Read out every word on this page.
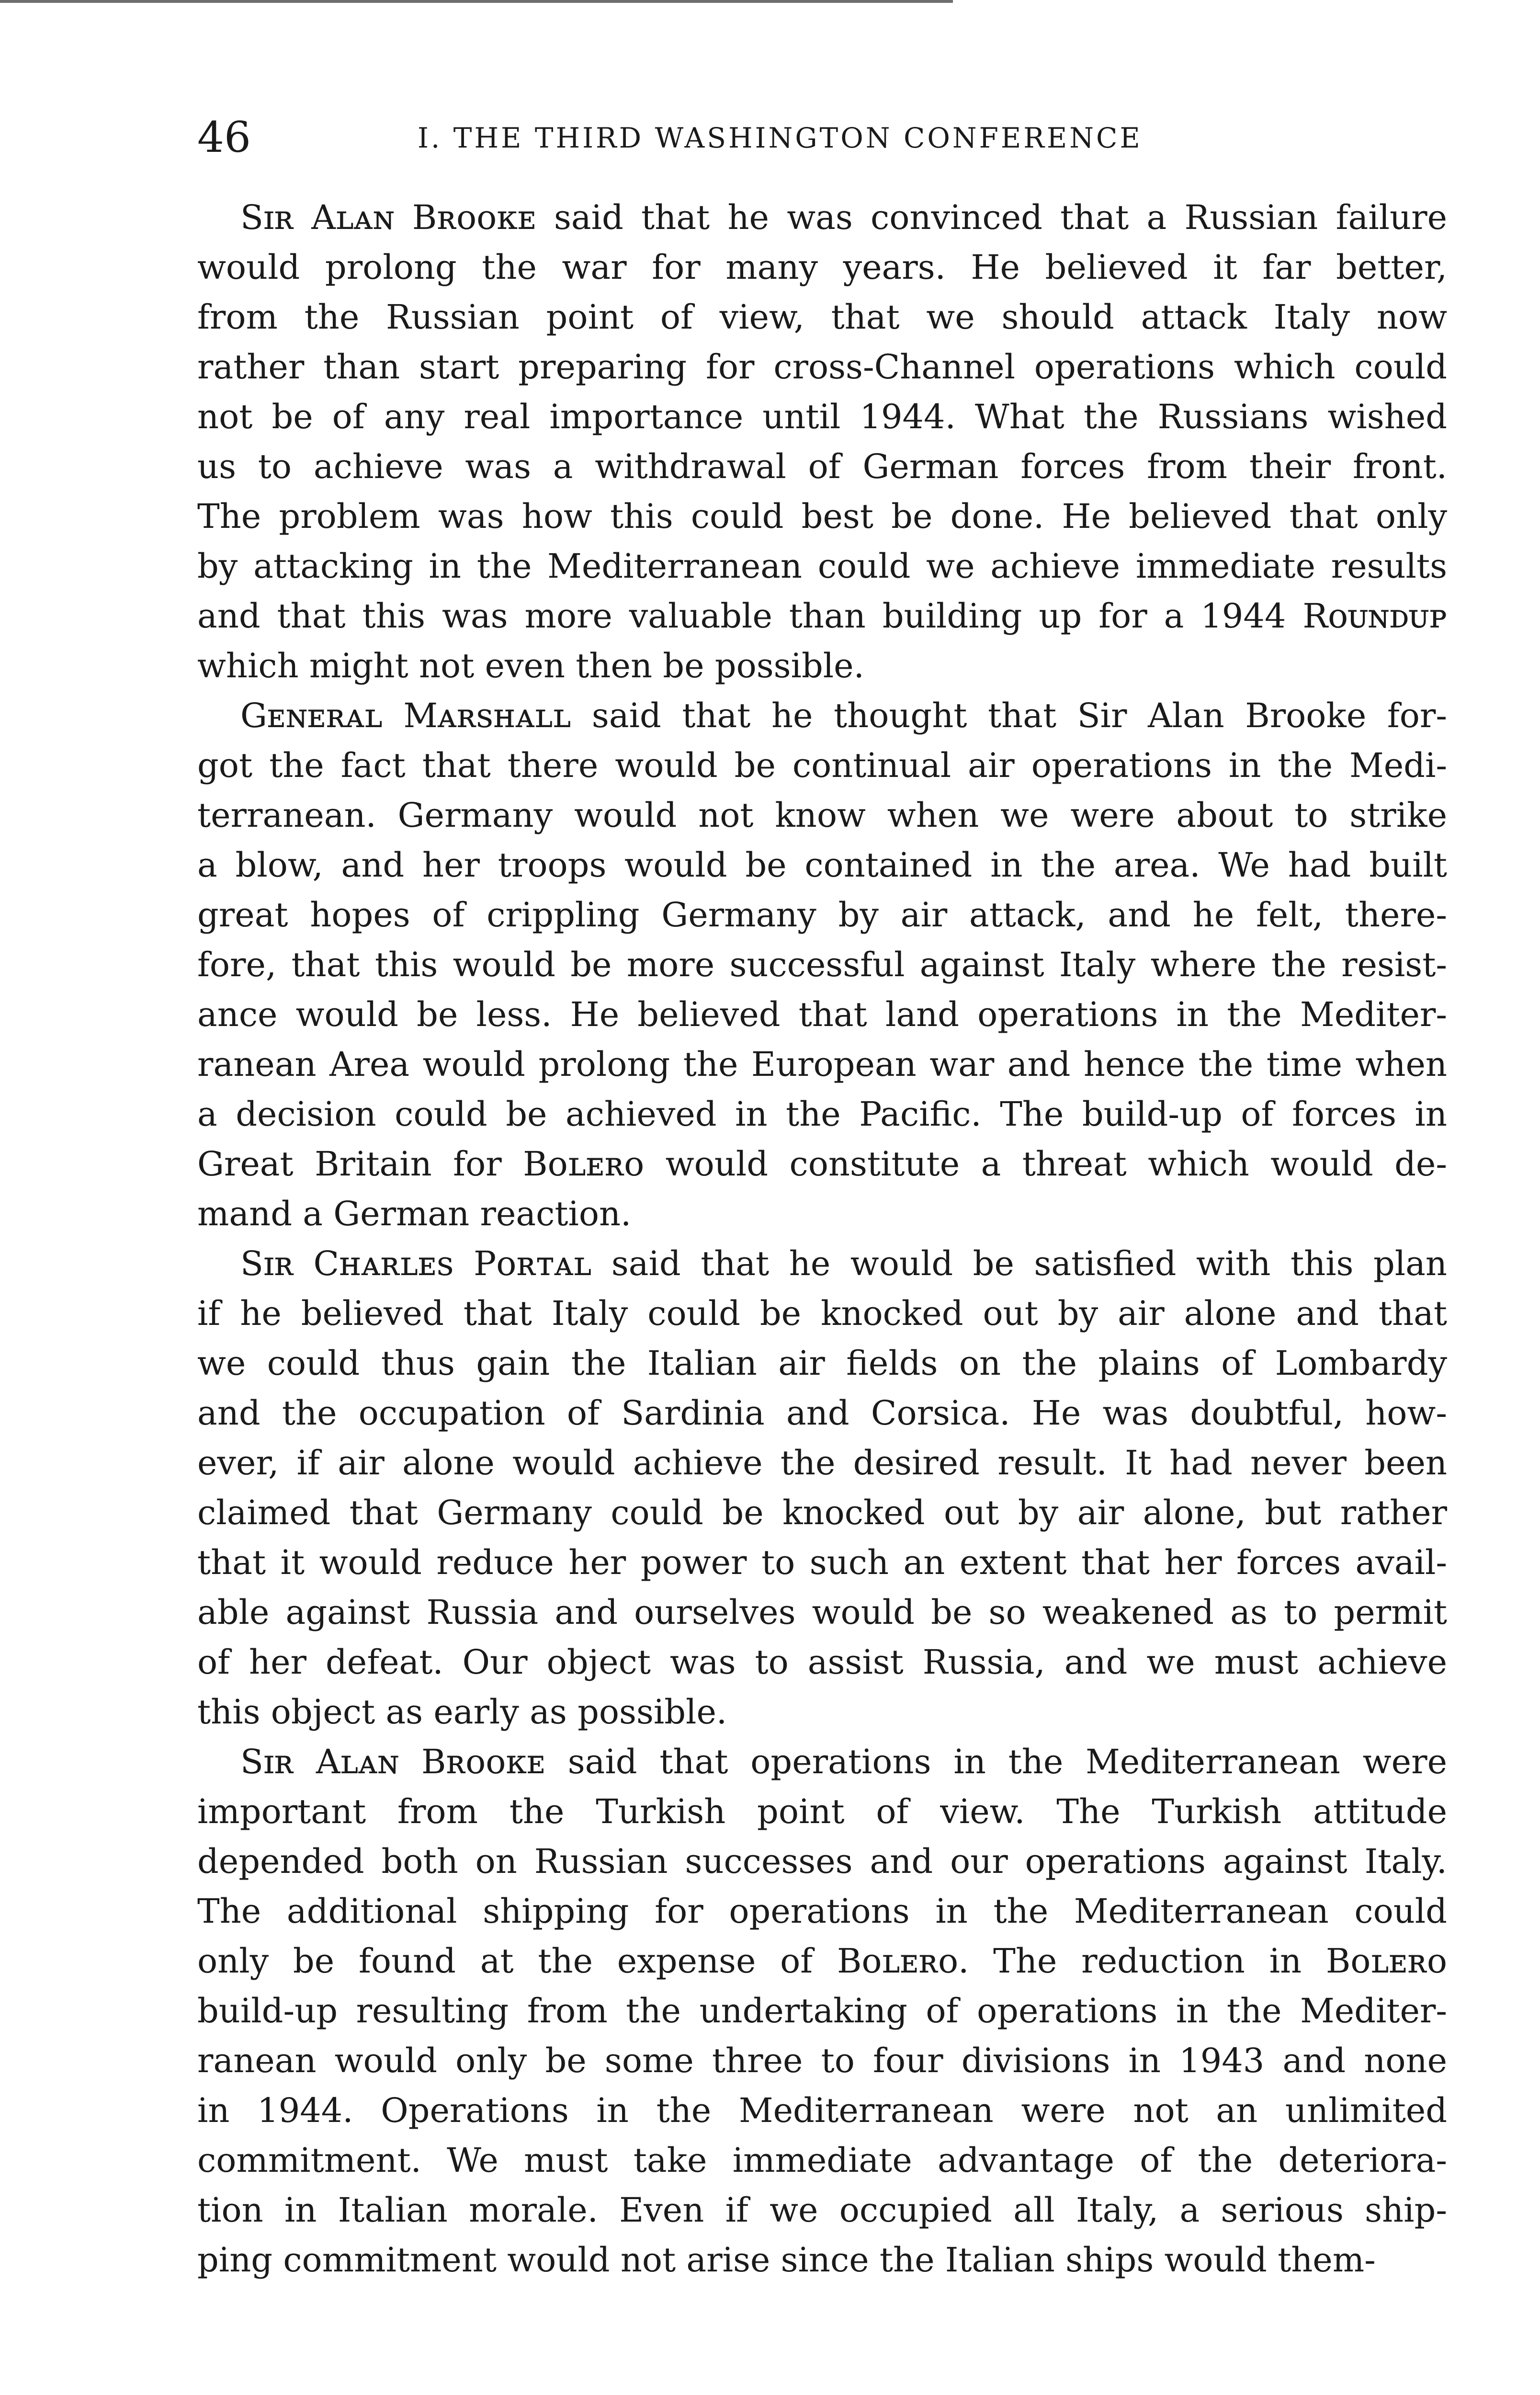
46	I. THE THIRD WASHINGTON CONFERENCE
Sɪʀ Aʟᴀɴ Bʀᴏᴏᴋᴇ said that he was convinced that a Russian failure
would prolong the war for many years. He believed it far better,
from the Russian point of view, that we should attack Italy now
rather than start preparing for cross-Channel operations which could
not be of any real importance until 1944. What the Russians wished
us to achieve was a withdrawal of German forces from their front.
The problem was how this could best be done. He believed that only
by attacking in the Mediterranean could we achieve immediate results
and that this was more valuable than building up for a 1944 Rᴏᴜɴᴅᴜᴘ
which might not even then be possible.
Gᴇɴᴇʀᴀʟ Mᴀʀsʜᴀʟʟ said that he thought that Sir Alan Brooke for-
got the fact that there would be continual air operations in the Medi-
terranean. Germany would not know when we were about to strike
a blow, and her troops would be contained in the area. We had built
great hopes of crippling Germany by air attack, and he felt, there-
fore, that this would be more successful against Italy where the resist-
ance would be less. He believed that land operations in the Mediter-
ranean Area would prolong the European war and hence the time when
a decision could be achieved in the Pacific. The build-up of forces in
Great Britain for Bᴏʟᴇʀᴏ would constitute a threat which would de-
mand a German reaction.
Sɪʀ Cʜᴀʀʟᴇs Pᴏʀᴛᴀʟ said that he would be satisfied with this plan
if he believed that Italy could be knocked out by air alone and that
we could thus gain the Italian air fields on the plains of Lombardy
and the occupation of Sardinia and Corsica. He was doubtful, how-
ever, if air alone would achieve the desired result. It had never been
claimed that Germany could be knocked out by air alone, but rather
that it would reduce her power to such an extent that her forces avail-
able against Russia and ourselves would be so weakened as to permit
of her defeat. Our object was to assist Russia, and we must achieve
this object as early as possible.
Sɪʀ Aʟᴀɴ Bʀᴏᴏᴋᴇ said that operations in the Mediterranean were
important from the Turkish point of view. The Turkish attitude
depended both on Russian successes and our operations against Italy.
The additional shipping for operations in the Mediterranean could
only be found at the expense of Bᴏʟᴇʀᴏ. The reduction in Bᴏʟᴇʀᴏ
build-up resulting from the undertaking of operations in the Mediter-
ranean would only be some three to four divisions in 1943 and none
in 1944. Operations in the Mediterranean were not an unlimited
commitment. We must take immediate advantage of the deteriora-
tion in Italian morale. Even if we occupied all Italy, a serious ship-
ping commitment would not arise since the Italian ships would them-
